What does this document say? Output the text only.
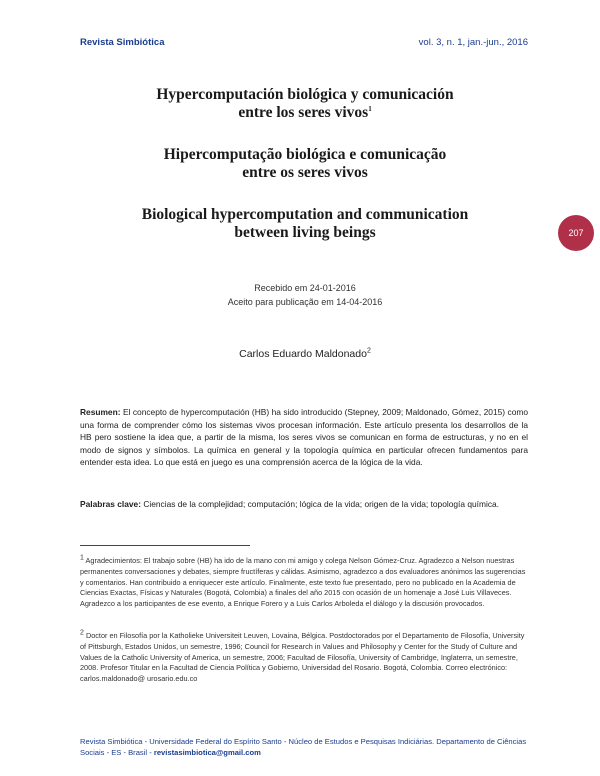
Revista Simbiótica	vol. 3, n. 1, jan.-jun., 2016
207
Hypercomputación biológica y comunicación
entre los seres vivos$^1$
Hipercomputação biológica e comunicação
entre os seres vivos
Biological hypercomputation and communication
between living beings
Recebido em 24-01-2016
Aceito para publicação em 14-04-2016
Carlos Eduardo Maldonado$^2$
Resumen: El concepto de hypercomputación (HB) ha sido introducido (Stepney, 2009; Maldonado, Gómez, 2015) como una forma de comprender cómo los sistemas vivos procesan información. Este artículo presenta los desarrollos de la HB pero sostiene la idea que, a partir de la misma, los seres vivos se comunican en forma de estructuras, y no en el modo de signos y símbolos. La química en general y la topología química en particular ofrecen fundamentos para entender esta idea. Lo que está en juego es una comprensión acerca de la lógica de la vida.
Palabras clave: Ciencias de la complejidad; computación; lógica de la vida; origen de la vida; topología química.
$^1$ Agradecimientos: El trabajo sobre (HB) ha ido de la mano con mi amigo y colega Nelson Gómez-Cruz. Agradezco a Nelson nuestras permanentes conversaciones y debates, siempre fructíferas y cálidas. Asimismo, agradezco a dos evaluadores anónimos las sugerencias y comentarios. Han contribuido a enriquecer este artículo. Finalmente, este texto fue presentado, pero no publicado en la Academia de Ciencias Exactas, Físicas y Naturales (Bogotá, Colombia) a finales del año 2015 con ocasión de un homenaje a José Luis Villaveces. Agradezco a los participantes de ese evento, a Enrique Forero y a Luis Carlos Arboleda el diálogo y la discusión provocados.
$^2$ Doctor en Filosofía por la Katholieke Universiteit Leuven, Lovaina, Bélgica. Postdoctorados por el Departamento de Filosofía, University of Pittsburgh, Estados Unidos, un semestre, 1996; Council for Research in Values and Philosophy y Center for the Study of Culture and Values de la Catholic University of America, un semestre, 2006; Facultad de Filosofía, University of Cambridge, Inglaterra, un semestre, 2008. Profesor Titular en la Facultad de Ciencia Política y Gobierno, Universidad del Rosario. Bogotá, Colombia. Correo electrónico: carlos.maldonado@ urosario.edu.co
Revista Simbiótica - Universidade Federal do Espírito Santo - Núcleo de Estudos e Pesquisas Indiciárias. Departamento de Ciências Sociais - ES - Brasil - revistasimbiotica@gmail.com
